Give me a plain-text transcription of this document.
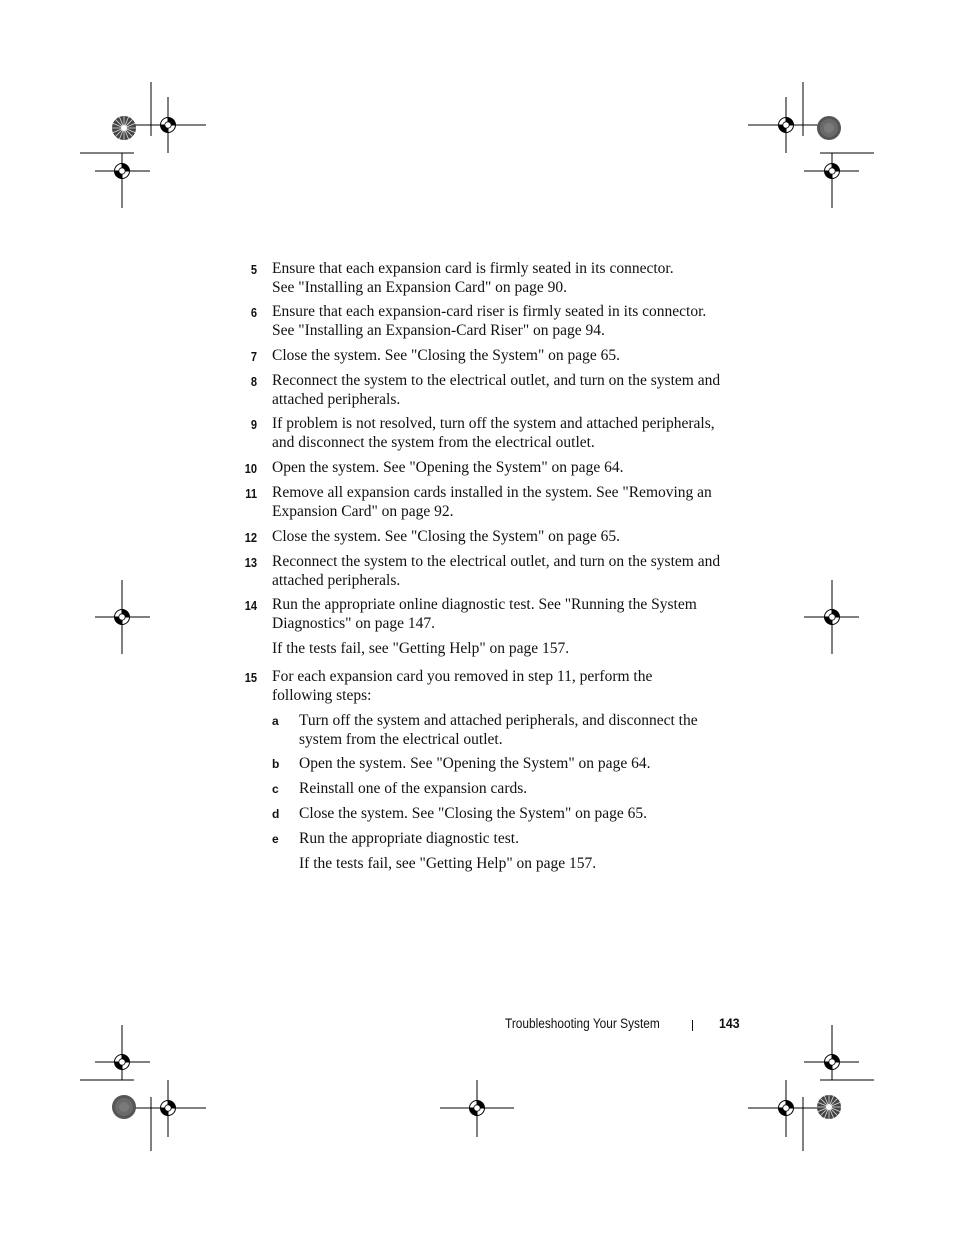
5 Ensure that each expansion card is firmly seated in its connector.
See "Installing an Expansion Card" on page 90.
6 Ensure that each expansion-card riser is firmly seated in its connector.
See "Installing an Expansion-Card Riser" on page 94.
7 Close the system. See "Closing the System" on page 65.
8 Reconnect the system to the electrical outlet, and turn on the system and
attached peripherals.
9 If problem is not resolved, turn off the system and attached peripherals,
and disconnect the system from the electrical outlet.
10 Open the system. See "Opening the System" on page 64.
11 Remove all expansion cards installed in the system. See "Removing an
Expansion Card" on page 92.
12 Close the system. See "Closing the System" on page 65.
13 Reconnect the system to the electrical outlet, and turn on the system and
attached peripherals.
14 Run the appropriate online diagnostic test. See "Running the System
Diagnostics" on page 147.
If the tests fail, see "Getting Help" on page 157.
15 For each expansion card you removed in step 11, perform the
following steps:
a Turn off the system and attached peripherals, and disconnect the
system from the electrical outlet.
b Open the system. See "Opening the System" on page 64.
c Reinstall one of the expansion cards.
d Close the system. See "Closing the System" on page 65.
e Run the appropriate diagnostic test.
If the tests fail, see "Getting Help" on page 157.
Troubleshooting Your System	143
